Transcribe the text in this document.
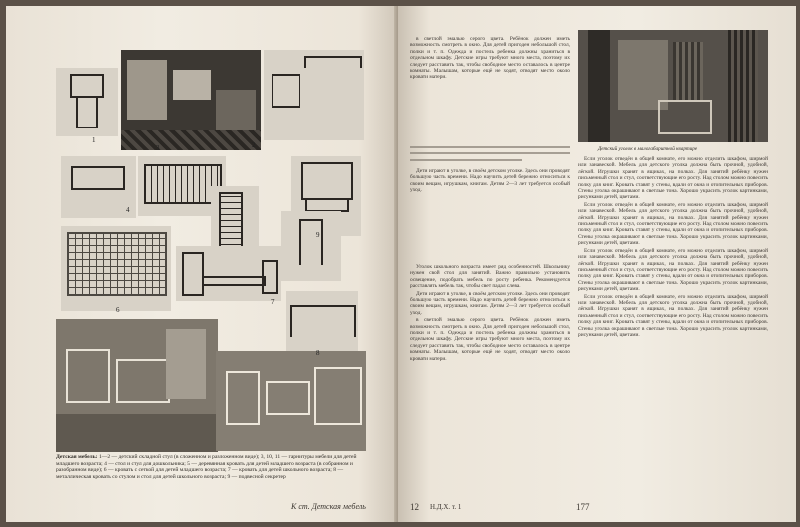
1
2
3
4
6
7
8
9
Детская мебель: 1—2 — детский складной стул (в сложенном и разложенном виде); 3, 10, 11 — гарнитуры мебели для детей младшего возраста; 4 — стол и стул для дошкольника; 5 — деревянная кровать для детей младшего возраста (в собранном и разобранном виде); 6 — кровать с сеткой для детей младшего возраста; 7 — кровать для детей школьного возраста; 8 — металлическая кровать со стулом и стол для детей школьного возраста; 9 — подвесной секретер
К ст. Детская мебель

в светлой эмалью серого цвета. Ребёнок должен иметь возможность смотреть в окно. Для детей пригоден небольшой стол, полки и т. п. Одежда и постель ребенка должны храниться в отдельном шкафу. Детские игры требуют много места, поэтому их следует расставить так, чтобы свободное место оставалось в центре комнаты. Малышам, которые ещё не ходят, отводят место около кровати матери.

Дети играют в уголке, в своём детском уголке. Здесь они проводят большую часть времени. Надо научить детей бережно относиться к своим вещам, игрушкам, книгам. Детям 2—3 лет требуется особый уход.

Уголок школьного возраста имеет ряд особенностей. Школьнику нужен свой стол для занятий. Важно правильно установить освещение, подобрать мебель по росту ребенка. Рекомендуется расставлять мебель так, чтобы свет падал слева.

Дети играют в уголке, в своём детском уголке. Здесь они проводят большую часть времени. Надо научить детей бережно относиться к своим вещам, игрушкам, книгам. Детям 2—3 лет требуется особый уход.

в светлой эмалью серого цвета. Ребёнок должен иметь возможность смотреть в окно. Для детей пригоден небольшой стол, полки и т. п. Одежда и постель ребенка должны храниться в отдельном шкафу. Детские игры требуют много места, поэтому их следует расставить так, чтобы свободное место оставалось в центре комнаты. Малышам, которые ещё не ходят, отводят место около кровати матери.

Детский уголок в малогабаритной квартире

Если уголок отведён в общей комнате, его можно отделить шкафом, ширмой или занавеской. Мебель для детского уголка должна быть прочной, удобной, лёгкой. Игрушки хранят в ящиках, на полках. Для занятий ребёнку нужен письменный стол и стул, соответствующие его росту. Над столом можно повесить полку для книг. Кровать ставят у стены, вдали от окна и отопительных приборов. Стены уголка окрашивают в светлые тона. Хорошо украсить уголок картинками, рисунками детей, цветами.

Если уголок отведён в общей комнате, его можно отделить шкафом, ширмой или занавеской. Мебель для детского уголка должна быть прочной, удобной, лёгкой. Игрушки хранят в ящиках, на полках. Для занятий ребёнку нужен письменный стол и стул, соответствующие его росту. Над столом можно повесить полку для книг. Кровать ставят у стены, вдали от окна и отопительных приборов. Стены уголка окрашивают в светлые тона. Хорошо украсить уголок картинками, рисунками детей, цветами.

Если уголок отведён в общей комнате, его можно отделить шкафом, ширмой или занавеской. Мебель для детского уголка должна быть прочной, удобной, лёгкой. Игрушки хранят в ящиках, на полках. Для занятий ребёнку нужен письменный стол и стул, соответствующие его росту. Над столом можно повесить полку для книг. Кровать ставят у стены, вдали от окна и отопительных приборов. Стены уголка окрашивают в светлые тона. Хорошо украсить уголок картинками, рисунками детей, цветами.

Если уголок отведён в общей комнате, его можно отделить шкафом, ширмой или занавеской. Мебель для детского уголка должна быть прочной, удобной, лёгкой. Игрушки хранят в ящиках, на полках. Для занятий ребёнку нужен письменный стол и стул, соответствующие его росту. Над столом можно повесить полку для книг. Кровать ставят у стены, вдали от окна и отопительных приборов. Стены уголка окрашивают в светлые тона. Хорошо украсить уголок картинками, рисунками детей, цветами.

12 Н.Д.Х. т. 1	177
